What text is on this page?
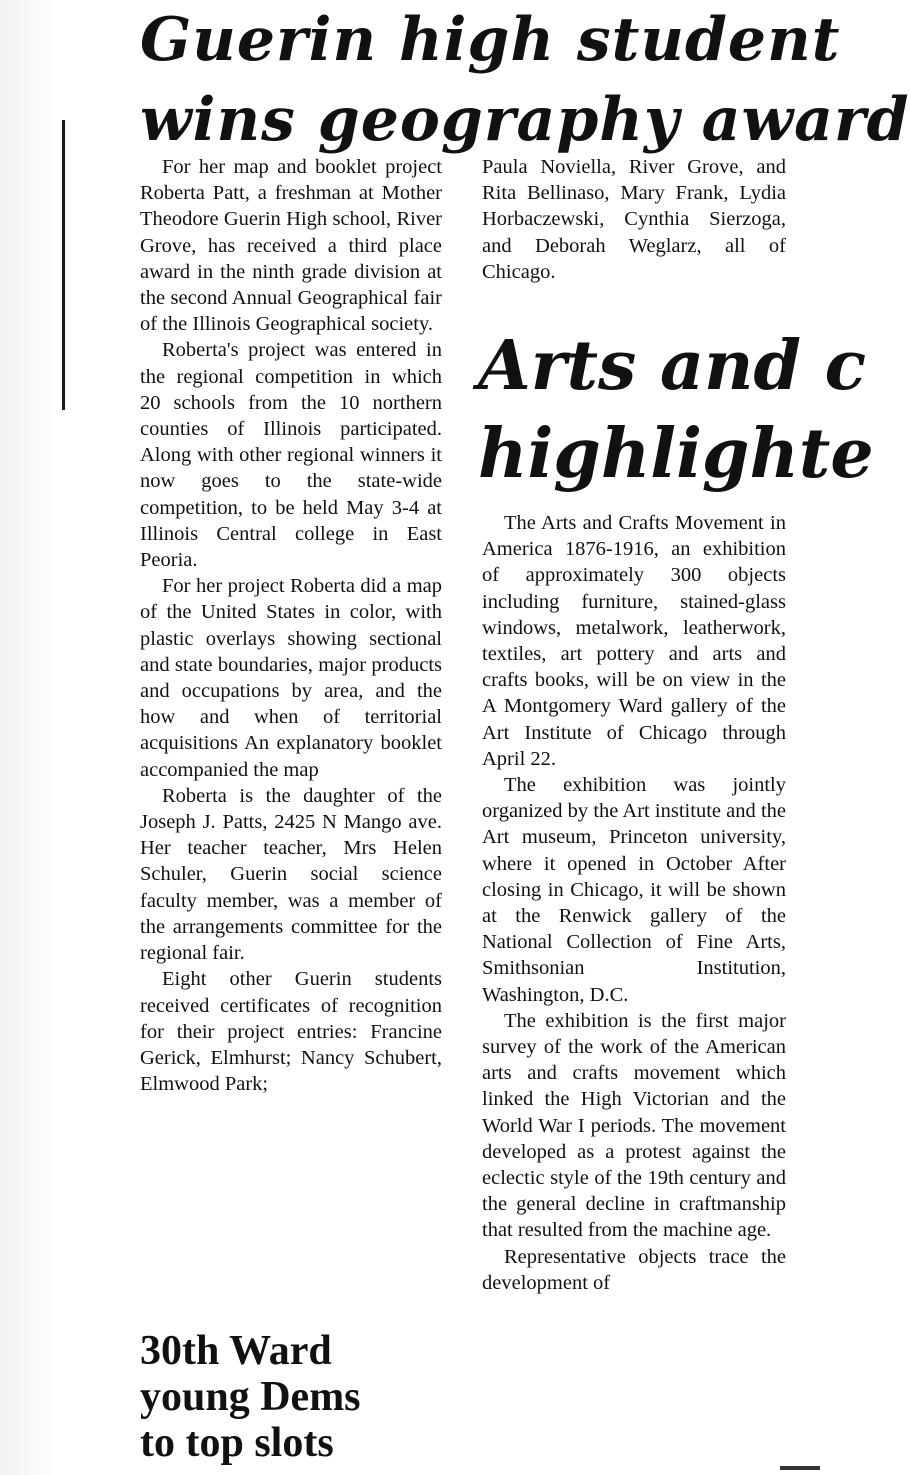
Guerin high student
wins geography award

For her map and booklet project Roberta Patt, a freshman at Mother Theodore Guerin High school, River Grove, has received a third place award in the ninth grade division at the second Annual Geographical fair of the Illinois Geographical society.

Roberta's project was entered in the regional competition in which 20 schools from the 10 northern counties of Illinois participated. Along with other regional winners it now goes to the state-wide competition, to be held May 3-4 at Illinois Central college in East Peoria.

For her project Roberta did a map of the United States in color, with plastic overlays showing sectional and state boundaries, major products and occupations by area, and the how and when of territorial acquisitions An explanatory booklet accompanied the map

Roberta is the daughter of the Joseph J. Patts, 2425 N Mango ave. Her teacher teacher, Mrs Helen Schuler, Guerin social science faculty member, was a member of the arrangements committee for the regional fair.

Eight other Guerin students received certificates of recognition for their project entries: Francine Gerick, Elmhurst; Nancy Schubert, Elmwood Park;

30th Ward
young Dems
to top slots

Paula Noviella, River Grove, and Rita Bellinaso, Mary Frank, Lydia Horbaczewski, Cynthia Sierzoga, and Deborah Weglarz, all of Chicago.

Arts and c
highlighte

The Arts and Crafts Movement in America 1876-1916, an exhibition of approximately 300 objects including furniture, stained-glass windows, metalwork, leatherwork, textiles, art pottery and arts and crafts books, will be on view in the A Montgomery Ward gallery of the Art Institute of Chicago through April 22.

The exhibition was jointly organized by the Art institute and the Art museum, Princeton university, where it opened in October After closing in Chicago, it will be shown at the Renwick gallery of the National Collection of Fine Arts, Smithsonian Institution, Washington, D.C.

The exhibition is the first major survey of the work of the American arts and crafts movement which linked the High Victorian and the World War I periods. The movement developed as a protest against the eclectic style of the 19th century and the general decline in craftmanship that resulted from the machine age.

Representative objects trace the development of
